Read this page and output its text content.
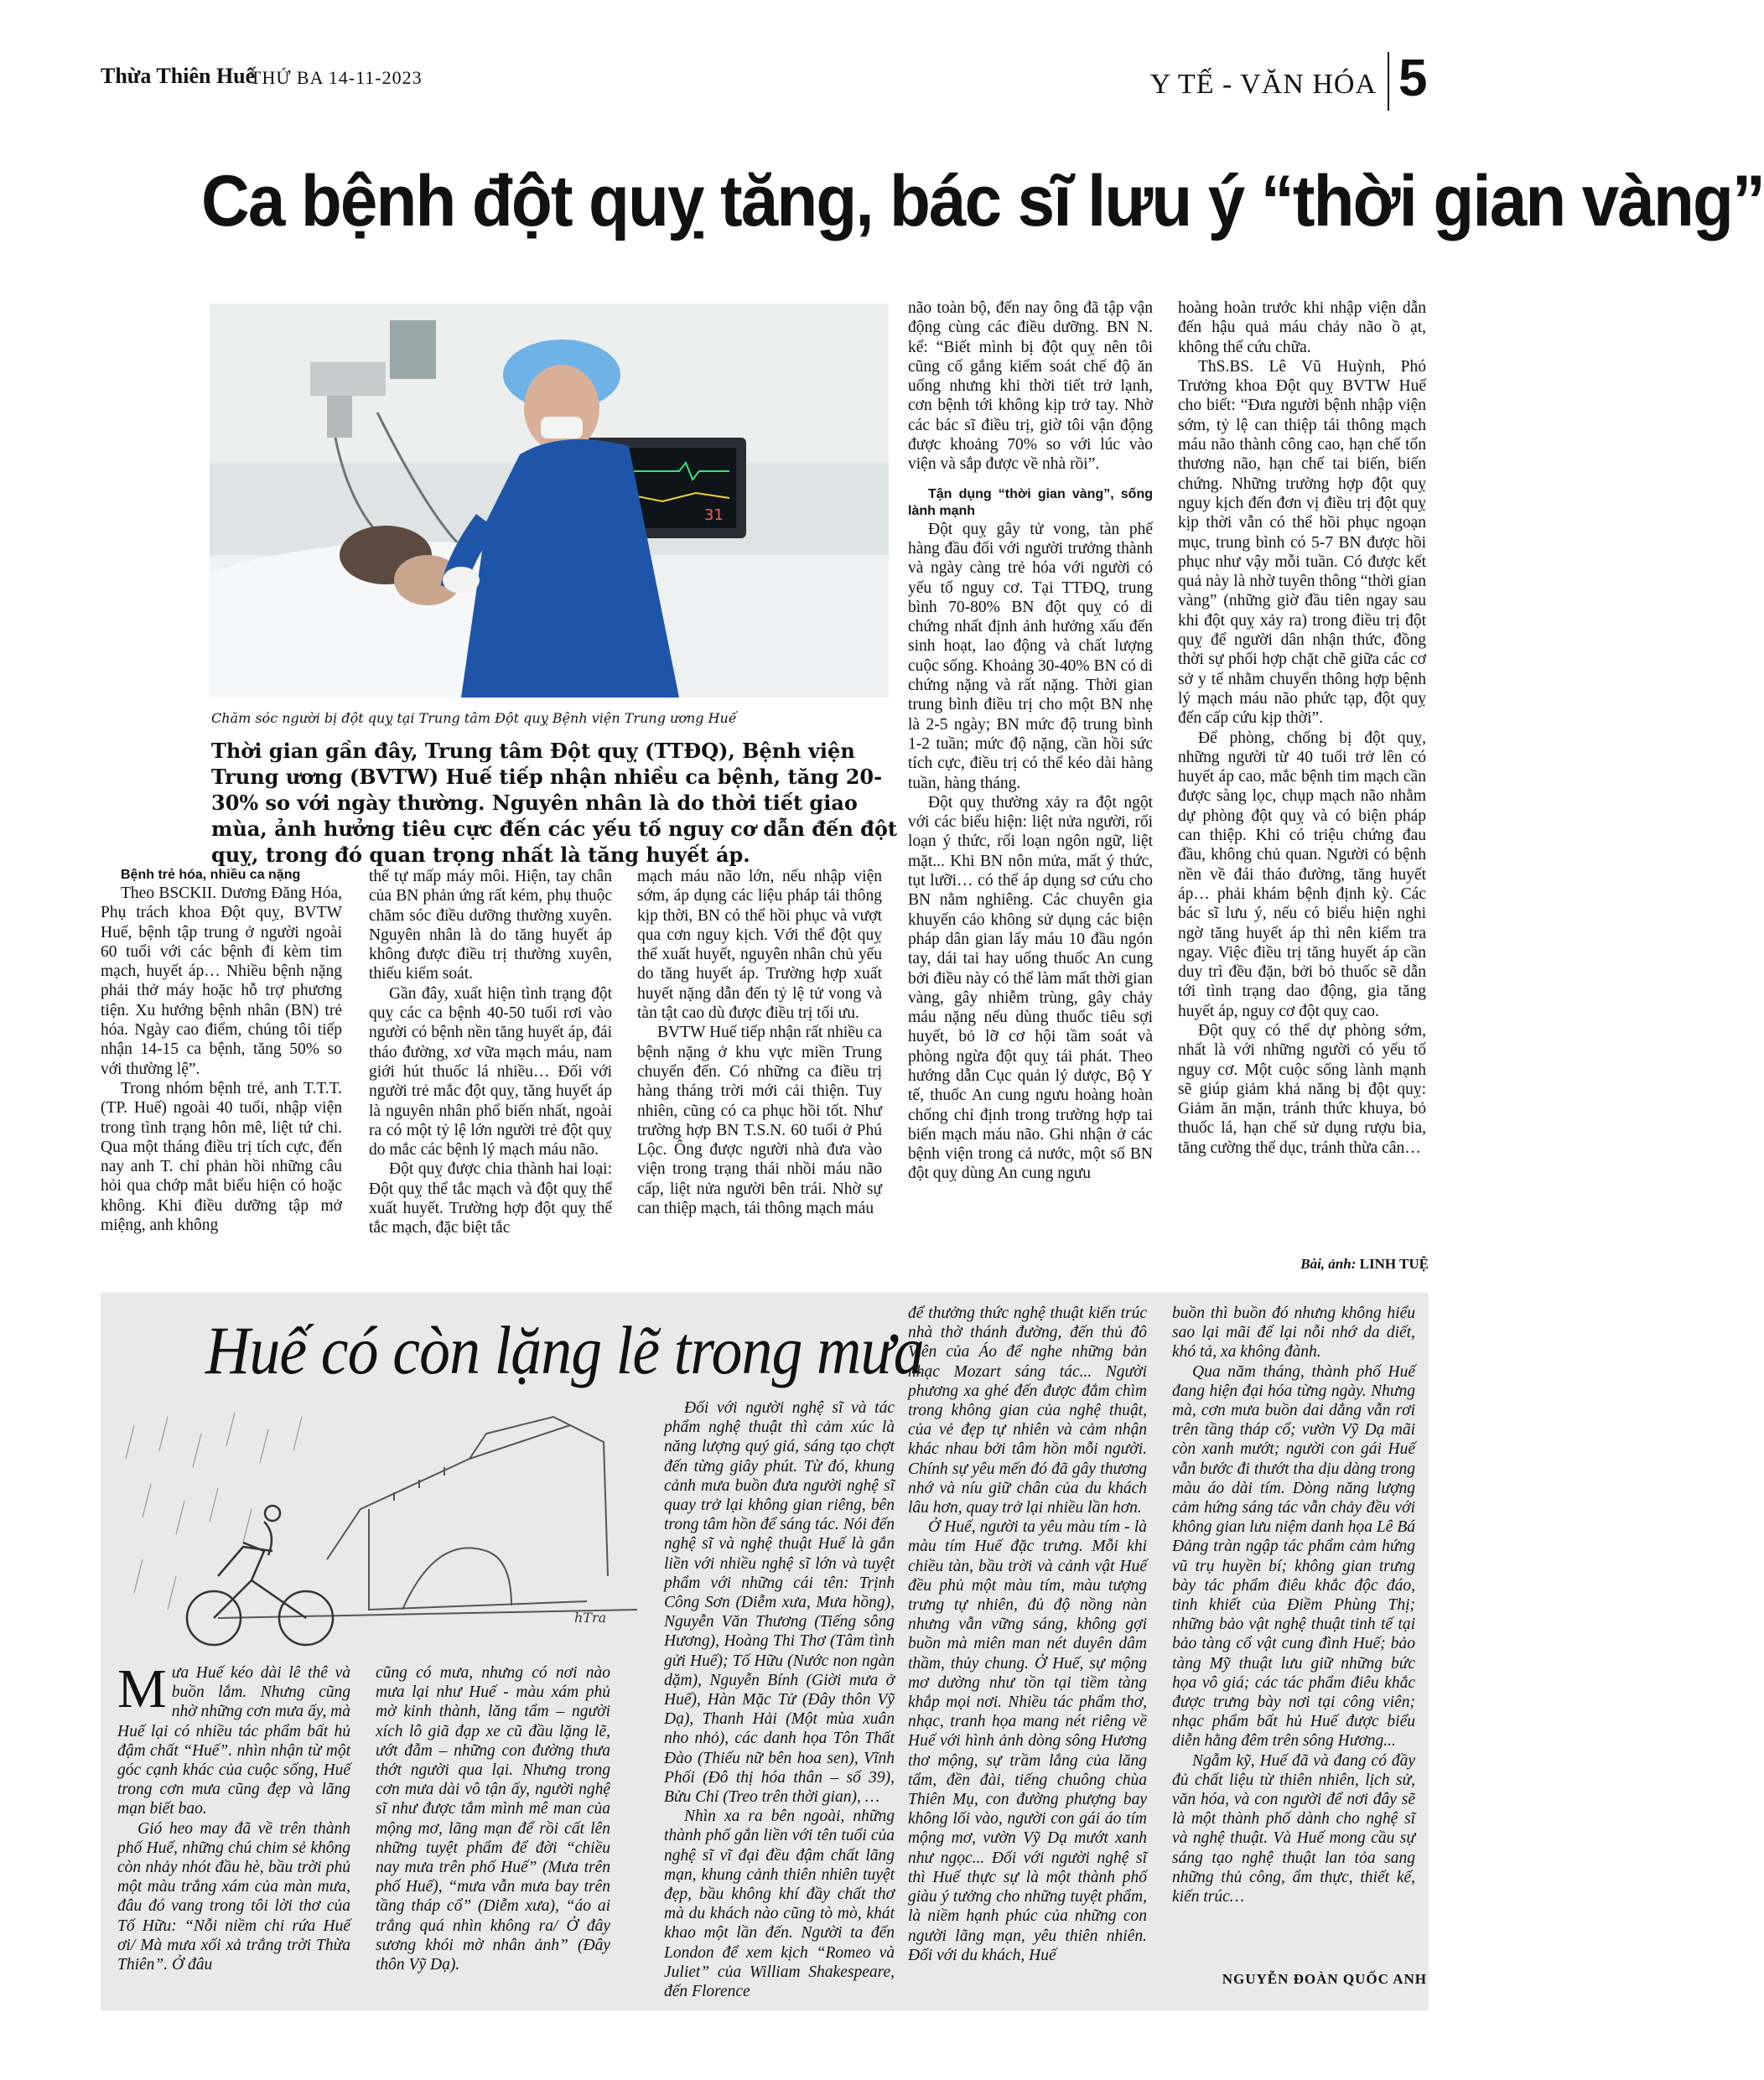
Thừa Thiên Huế
THỨ BA 14-11-2023	Y TẾ - VĂN HÓA 5
Ca bệnh đột quỵ tăng, bác sĩ lưu ý “thời gian vàng”
31
Chăm sóc người bị đột quỵ tại Trung tâm Đột quỵ Bệnh viện Trung ương Huế
Thời gian gần đây, Trung tâm Đột quỵ (TTĐQ), Bệnh viện Trung ương (BVTW) Huế tiếp nhận nhiều ca bệnh, tăng 20-30% so với ngày thường. Nguyên nhân là do thời tiết giao mùa, ảnh hưởng tiêu cực đến các yếu tố nguy cơ dẫn đến đột quỵ, trong đó quan trọng nhất là tăng huyết áp.

Bệnh trẻ hóa, nhiều ca nặng

Theo BSCKII. Dương Đăng Hóa, Phụ trách khoa Đột quỵ, BVTW Huế, bệnh tập trung ở người ngoài 60 tuổi với các bệnh đi kèm tim mạch, huyết áp… Nhiều bệnh nặng phải thở máy hoặc hỗ trợ phương tiện. Xu hướng bệnh nhân (BN) trẻ hóa. Ngày cao điểm, chúng tôi tiếp nhận 14-15 ca bệnh, tăng 50% so với thường lệ”.

Trong nhóm bệnh trẻ, anh T.T.T. (TP. Huế) ngoài 40 tuổi, nhập viện trong tình trạng hôn mê, liệt tứ chi. Qua một tháng điều trị tích cực, đến nay anh T. chỉ phản hồi những câu hỏi qua chớp mắt biểu hiện có hoặc không. Khi điều dưỡng tập mở miệng, anh không

thể tự mấp máy môi. Hiện, tay chân của BN phản ứng rất kém, phụ thuộc chăm sóc điều dưỡng thường xuyên. Nguyên nhân là do tăng huyết áp không được điều trị thường xuyên, thiếu kiểm soát.

Gần đây, xuất hiện tình trạng đột quỵ các ca bệnh 40-50 tuổi rơi vào người có bệnh nền tăng huyết áp, đái tháo đường, xơ vữa mạch máu, nam giới hút thuốc lá nhiều… Đối với người trẻ mắc đột quỵ, tăng huyết áp là nguyên nhân phổ biến nhất, ngoài ra có một tỷ lệ lớn người trẻ đột quỵ do mắc các bệnh lý mạch máu não.

Đột quỵ được chia thành hai loại: Đột quỵ thể tắc mạch và đột quỵ thể xuất huyết. Trường hợp đột quỵ thể tắc mạch, đặc biệt tắc

mạch máu não lớn, nếu nhập viện sớm, áp dụng các liệu pháp tái thông kịp thời, BN có thể hồi phục và vượt qua cơn nguy kịch. Với thể đột quỵ thể xuất huyết, nguyên nhân chủ yếu do tăng huyết áp. Trường hợp xuất huyết nặng dẫn đến tỷ lệ tử vong và tàn tật cao dù được điều trị tối ưu.

BVTW Huế tiếp nhận rất nhiều ca bệnh nặng ở khu vực miền Trung chuyển đến. Có những ca điều trị hàng tháng trời mới cải thiện. Tuy nhiên, cũng có ca phục hồi tốt. Như trường hợp BN T.S.N. 60 tuổi ở Phú Lộc. Ông được người nhà đưa vào viện trong trạng thái nhồi máu não cấp, liệt nửa người bên trái. Nhờ sự can thiệp mạch, tái thông mạch máu

não toàn bộ, đến nay ông đã tập vận động cùng các điều dưỡng. BN N. kể: “Biết mình bị đột quỵ nên tôi cũng cố gắng kiểm soát chế độ ăn uống nhưng khi thời tiết trở lạnh, cơn bệnh tới không kịp trở tay. Nhờ các bác sĩ điều trị, giờ tôi vận động được khoảng 70% so với lúc vào viện và sắp được về nhà rồi”.

Tận dụng “thời gian vàng”, sống lành mạnh

Đột quỵ gây tử vong, tàn phế hàng đầu đối với người trưởng thành và ngày càng trẻ hóa với người có yếu tố nguy cơ. Tại TTĐQ, trung bình 70-80% BN đột quỵ có di chứng nhất định ảnh hưởng xấu đến sinh hoạt, lao động và chất lượng cuộc sống. Khoảng 30-40% BN có di chứng nặng và rất nặng. Thời gian trung bình điều trị cho một BN nhẹ là 2-5 ngày; BN mức độ trung bình 1-2 tuần; mức độ nặng, cần hồi sức tích cực, điều trị có thể kéo dài hàng tuần, hàng tháng.

Đột quỵ thường xảy ra đột ngột với các biểu hiện: liệt nửa người, rối loạn ý thức, rối loạn ngôn ngữ, liệt mặt... Khi BN nôn mửa, mất ý thức, tụt lưỡi… có thể áp dụng sơ cứu cho BN nằm nghiêng. Các chuyên gia khuyến cáo không sử dụng các biện pháp dân gian lấy máu 10 đầu ngón tay, dái tai hay uống thuốc An cung bởi điều này có thể làm mất thời gian vàng, gây nhiễm trùng, gây chảy máu nặng nếu dùng thuốc tiêu sợi huyết, bỏ lỡ cơ hội tầm soát và phòng ngừa đột quỵ tái phát. Theo hướng dẫn Cục quản lý dược, Bộ Y tế, thuốc An cung ngưu hoàng hoàn chống chỉ định trong trường hợp tai biến mạch máu não. Ghi nhận ở các bệnh viện trong cả nước, một số BN đột quỵ dùng An cung ngưu

hoàng hoàn trước khi nhập viện dẫn đến hậu quả máu chảy não ồ ạt, không thể cứu chữa.

ThS.BS. Lê Vũ Huỳnh, Phó Trưởng khoa Đột quỵ BVTW Huế cho biết: “Đưa người bệnh nhập viện sớm, tỷ lệ can thiệp tái thông mạch máu não thành công cao, hạn chế tổn thương não, hạn chế tai biến, biến chứng. Những trường hợp đột quỵ nguy kịch đến đơn vị điều trị đột quỵ kịp thời vẫn có thể hồi phục ngoạn mục, trung bình có 5-7 BN được hồi phục như vậy mỗi tuần. Có được kết quả này là nhờ tuyên thông “thời gian vàng” (những giờ đầu tiên ngay sau khi đột quỵ xảy ra) trong điều trị đột quỵ để người dân nhận thức, đồng thời sự phối hợp chặt chẽ giữa các cơ sở y tế nhằm chuyển thông hợp bệnh lý mạch máu não phức tạp, đột quỵ đến cấp cứu kịp thời”.

Để phòng, chống bị đột quỵ, những người từ 40 tuổi trở lên có huyết áp cao, mắc bệnh tim mạch cần được sàng lọc, chụp mạch não nhằm dự phòng đột quỵ và có biện pháp can thiệp. Khi có triệu chứng đau đầu, không chủ quan. Người có bệnh nền về đái tháo đường, tăng huyết áp… phải khám bệnh định kỳ. Các bác sĩ lưu ý, nếu có biểu hiện nghi ngờ tăng huyết áp thì nên kiểm tra ngay. Việc điều trị tăng huyết áp cần duy trì đều đặn, bởi bỏ thuốc sẽ dẫn tới tình trạng dao động, gia tăng huyết áp, nguy cơ đột quỵ cao.

Đột quỵ có thể dự phòng sớm, nhất là với những người có yếu tố nguy cơ. Một cuộc sống lành mạnh sẽ giúp giảm khả năng bị đột quỵ: Giảm ăn mặn, tránh thức khuya, bỏ thuốc lá, hạn chế sử dụng rượu bia, tăng cường thể dục, tránh thừa cân…

Bài, ảnh: LINH TUỆ
Huế có còn lặng lẽ trong mưa
hTra

Mưa Huế kéo dài lê thê và buồn lắm. Nhưng cũng nhờ những cơn mưa ấy, mà Huế lại có nhiều tác phẩm bất hủ đậm chất “Huế”. nhìn nhận từ một góc cạnh khác của cuộc sống, Huế trong cơn mưa cũng đẹp và lãng mạn biết bao.

Gió heo may đã về trên thành phố Huế, những chú chim sẻ không còn nhảy nhót đầu hè, bầu trời phủ một màu trắng xám của màn mưa, đâu đó vang trong tôi lời thơ của Tố Hữu: “Nỗi niềm chi rứa Huế ơi/ Mà mưa xối xả trắng trời Thừa Thiên”. Ở đâu

cũng có mưa, nhưng có nơi nào mưa lại như Huế - màu xám phủ mờ kinh thành, lăng tẩm – người xích lô giã đạp xe cũ đầu lặng lẽ, ướt đẫm – những con đường thưa thớt người qua lại. Nhưng trong cơn mưa dài vô tận ấy, người nghệ sĩ như được tắm mình mê man của mộng mơ, lãng mạn để rồi cất lên những tuyệt phẩm để đời “chiều nay mưa trên phố Huế” (Mưa trên phố Huế), “mưa vẫn mưa bay trên tầng tháp cổ” (Diễm xưa), “áo ai trắng quá nhìn không ra/ Ở đây sương khói mờ nhân ảnh” (Đây thôn Vỹ Dạ).

Đối với người nghệ sĩ và tác phẩm nghệ thuật thì cảm xúc là năng lượng quý giá, sáng tạo chợt đến từng giây phút. Từ đó, khung cảnh mưa buồn đưa người nghệ sĩ quay trở lại không gian riêng, bên trong tâm hồn để sáng tác. Nói đến nghệ sĩ và nghệ thuật Huế là gắn liền với nhiều nghệ sĩ lớn và tuyệt phẩm với những cái tên: Trịnh Công Sơn (Diễm xưa, Mưa hồng), Nguyễn Văn Thương (Tiếng sông Hương), Hoàng Thi Thơ (Tâm tình gửi Huế); Tố Hữu (Nước non ngàn dặm), Nguyễn Bính (Giời mưa ở Huế), Hàn Mặc Tử (Đây thôn Vỹ Dạ), Thanh Hải (Một mùa xuân nho nhỏ), các danh họa Tôn Thất Đào (Thiếu nữ bên hoa sen), Vĩnh Phối (Đô thị hóa thân – số 39), Bửu Chỉ (Treo trên thời gian), …

Nhìn xa ra bên ngoài, những thành phố gắn liền với tên tuổi của nghệ sĩ vĩ đại đều đậm chất lãng mạn, khung cảnh thiên nhiên tuyệt đẹp, bầu không khí đầy chất thơ mà du khách nào cũng tò mò, khát khao một lần đến. Người ta đến London để xem kịch “Romeo và Juliet” của William Shakespeare, đến Florence

để thưởng thức nghệ thuật kiến trúc nhà thờ thánh đường, đến thủ đô Viên của Áo để nghe những bản nhạc Mozart sáng tác... Người phương xa ghé đến được đắm chìm trong không gian của nghệ thuật, của vẻ đẹp tự nhiên và cảm nhận khác nhau bởi tâm hồn mỗi người. Chính sự yêu mến đó đã gây thương nhớ và níu giữ chân của du khách lâu hơn, quay trở lại nhiều lần hơn.

Ở Huế, người ta yêu màu tím - là màu tím Huế đặc trưng. Mỗi khi chiều tàn, bầu trời và cảnh vật Huế đều phủ một màu tím, màu tượng trưng tự nhiên, đủ độ nồng nàn nhưng vẫn vững sáng, không gợi buồn mà miên man nét duyên dâm thầm, thủy chung. Ở Huế, sự mộng mơ dường như tồn tại tiềm tàng khắp mọi nơi. Nhiều tác phẩm thơ, nhạc, tranh họa mang nét riêng về Huế với hình ảnh dòng sông Hương thơ mộng, sự trầm lắng của lăng tẩm, đền đài, tiếng chuông chùa Thiên Mụ, con đường phượng bay không lối vào, người con gái áo tím mộng mơ, vườn Vỹ Dạ mướt xanh như ngọc... Đối với người nghệ sĩ thì Huế thực sự là một thành phố giàu ý tưởng cho những tuyệt phẩm, là niềm hạnh phúc của những con người lãng mạn, yêu thiên nhiên. Đối với du khách, Huế

buồn thì buồn đó nhưng không hiểu sao lại mãi để lại nỗi nhớ da diết, khó tả, xa không đành.

Qua năm tháng, thành phố Huế đang hiện đại hóa từng ngày. Nhưng mà, cơn mưa buồn dai dẳng vẫn rơi trên tầng tháp cổ; vườn Vỹ Dạ mãi còn xanh mướt; người con gái Huế vẫn bước đi thướt tha dịu dàng trong màu áo dài tím. Dòng năng lượng cảm hứng sáng tác vẫn chảy đều với không gian lưu niệm danh họa Lê Bá Đảng tràn ngập tác phẩm cảm hứng vũ trụ huyền bí; không gian trưng bày tác phẩm điêu khắc độc đáo, tinh khiết của Điềm Phùng Thị; những bảo vật nghệ thuật tinh tế tại bảo tàng cổ vật cung đình Huế; bảo tàng Mỹ thuật lưu giữ những bức họa vô giá; các tác phẩm điêu khắc được trưng bày nơi tại công viên; nhạc phẩm bất hủ Huế được biểu diễn hằng đêm trên sông Hương...

Ngẫm kỹ, Huế đã và đang có đầy đủ chất liệu từ thiên nhiên, lịch sử, văn hóa, và con người để nơi đây sẽ là một thành phố dành cho nghệ sĩ và nghệ thuật. Và Huế mong cầu sự sáng tạo nghệ thuật lan tỏa sang những thủ công, ẩm thực, thiết kế, kiến trúc…

NGUYỄN ĐOÀN QUỐC ANH
